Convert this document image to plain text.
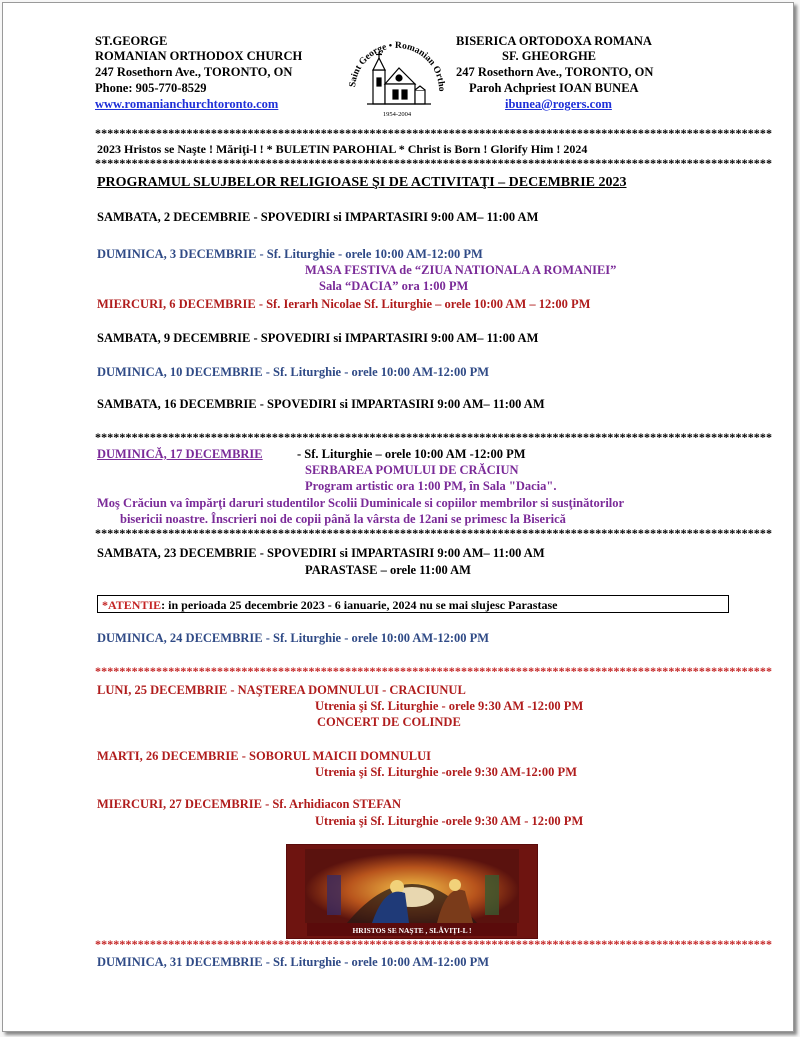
ST.GEORGE
ROMANIAN ORTHODOX CHURCH
247 Rosethorn Ave., TORONTO, ON
Phone: 905-770-8529
www.romanianchurchtoronto.com
Saint George • Romanian Ortho
1954-2004
BISERICA ORTODOXA ROMANA
SF. GHEORGHE
247 Rosethorn Ave., TORONTO, ON
Paroh Achpriest IOAN BUNEA
ibunea@rogers.com
***************************************************************************************************************
2023 Hristos se Naşte ! Măriţi-l ! * BULETIN PAROHIAL * Christ is Born ! Glorify Him ! 2024
***************************************************************************************************************
PROGRAMUL SLUJBELOR RELIGIOASE ŞI DE ACTIVITAŢI – DECEMBRIE 2023
SAMBATA, 2 DECEMBRIE - SPOVEDIRI si IMPARTASIRI 9:00 AM– 11:00 AM
DUMINICA, 3 DECEMBRIE - Sf. Liturghie - orele 10:00 AM-12:00 PM
MASA FESTIVA de “ZIUA NATIONALA A ROMANIEI”
Sala “DACIA” ora 1:00 PM
MIERCURI, 6 DECEMBRIE - Sf. Ierarh Nicolae Sf. Liturghie – orele 10:00 AM – 12:00 PM
SAMBATA, 9 DECEMBRIE - SPOVEDIRI si IMPARTASIRI 9:00 AM– 11:00 AM
DUMINICA, 10 DECEMBRIE - Sf. Liturghie - orele 10:00 AM-12:00 PM
SAMBATA, 16 DECEMBRIE - SPOVEDIRI si IMPARTASIRI 9:00 AM– 11:00 AM
***************************************************************************************************************
DUMINICĂ, 17 DECEMBRIE	- Sf. Liturghie – orele 10:00 AM -12:00 PM
SERBAREA POMULUI DE CRĂCIUN
Program artistic ora 1:00 PM, în Sala "Dacia".
Moş Crăciun va împărţi daruri studentilor Scolii Duminicale si copiilor membrilor si susţinătorilor
bisericii noastre. Înscrieri noi de copii până la vârsta de 12ani se primesc la Biserică
***************************************************************************************************************
SAMBATA, 23 DECEMBRIE - SPOVEDIRI si IMPARTASIRI 9:00 AM– 11:00 AM
PARASTASE – orele 11:00 AM
*ATENTIE: in perioada 25 decembrie 2023 - 6 ianuarie, 2024 nu se mai slujesc Parastase
DUMINICA, 24 DECEMBRIE - Sf. Liturghie - orele 10:00 AM-12:00 PM
***************************************************************************************************************
LUNI, 25 DECEMBRIE - NAŞTEREA DOMNULUI - CRACIUNUL
Utrenia şi Sf. Liturghie - orele 9:30 AM -12:00 PM
CONCERT DE COLINDE
MARTI, 26 DECEMBRIE - SOBORUL MAICII DOMNULUI
Utrenia şi Sf. Liturghie -orele 9:30 AM-12:00 PM
MIERCURI, 27 DECEMBRIE - Sf. Arhidiacon STEFAN
Utrenia şi Sf. Liturghie -orele 9:30 AM - 12:00 PM
HRISTOS SE NAŞTE , SLĂVIŢI-L !
***************************************************************************************************************
DUMINICA, 31 DECEMBRIE - Sf. Liturghie - orele 10:00 AM-12:00 PM
